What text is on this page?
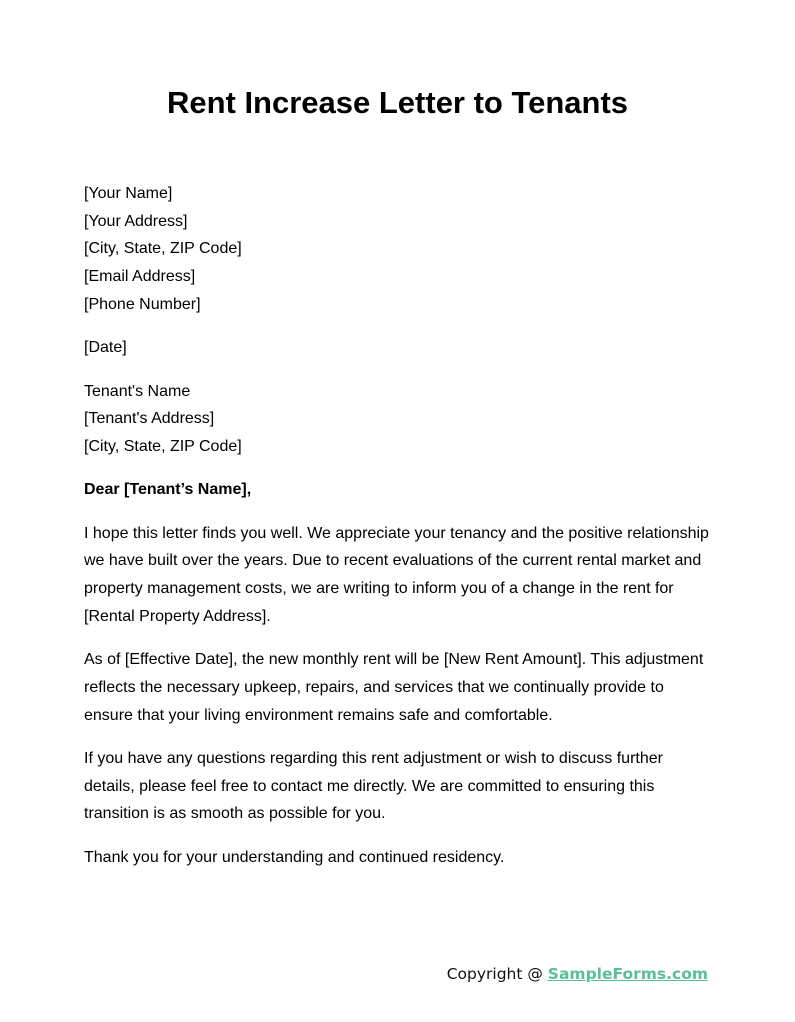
Rent Increase Letter to Tenants
[Your Name]
[Your Address]
[City, State, ZIP Code]
[Email Address]
[Phone Number]
[Date]
Tenant's Name
[Tenant's Address]
[City, State, ZIP Code]
Dear [Tenant’s Name],

I hope this letter finds you well. We appreciate your tenancy and the positive relationship we have built over the years. Due to recent evaluations of the current rental market and property management costs, we are writing to inform you of a change in the rent for [Rental Property Address].

As of [Effective Date], the new monthly rent will be [New Rent Amount]. This adjustment reflects the necessary upkeep, repairs, and services that we continually provide to ensure that your living environment remains safe and comfortable.

If you have any questions regarding this rent adjustment or wish to discuss further details, please feel free to contact me directly. We are committed to ensuring this transition is as smooth as possible for you.

Thank you for your understanding and continued residency.

Copyright @ SampleForms.com
